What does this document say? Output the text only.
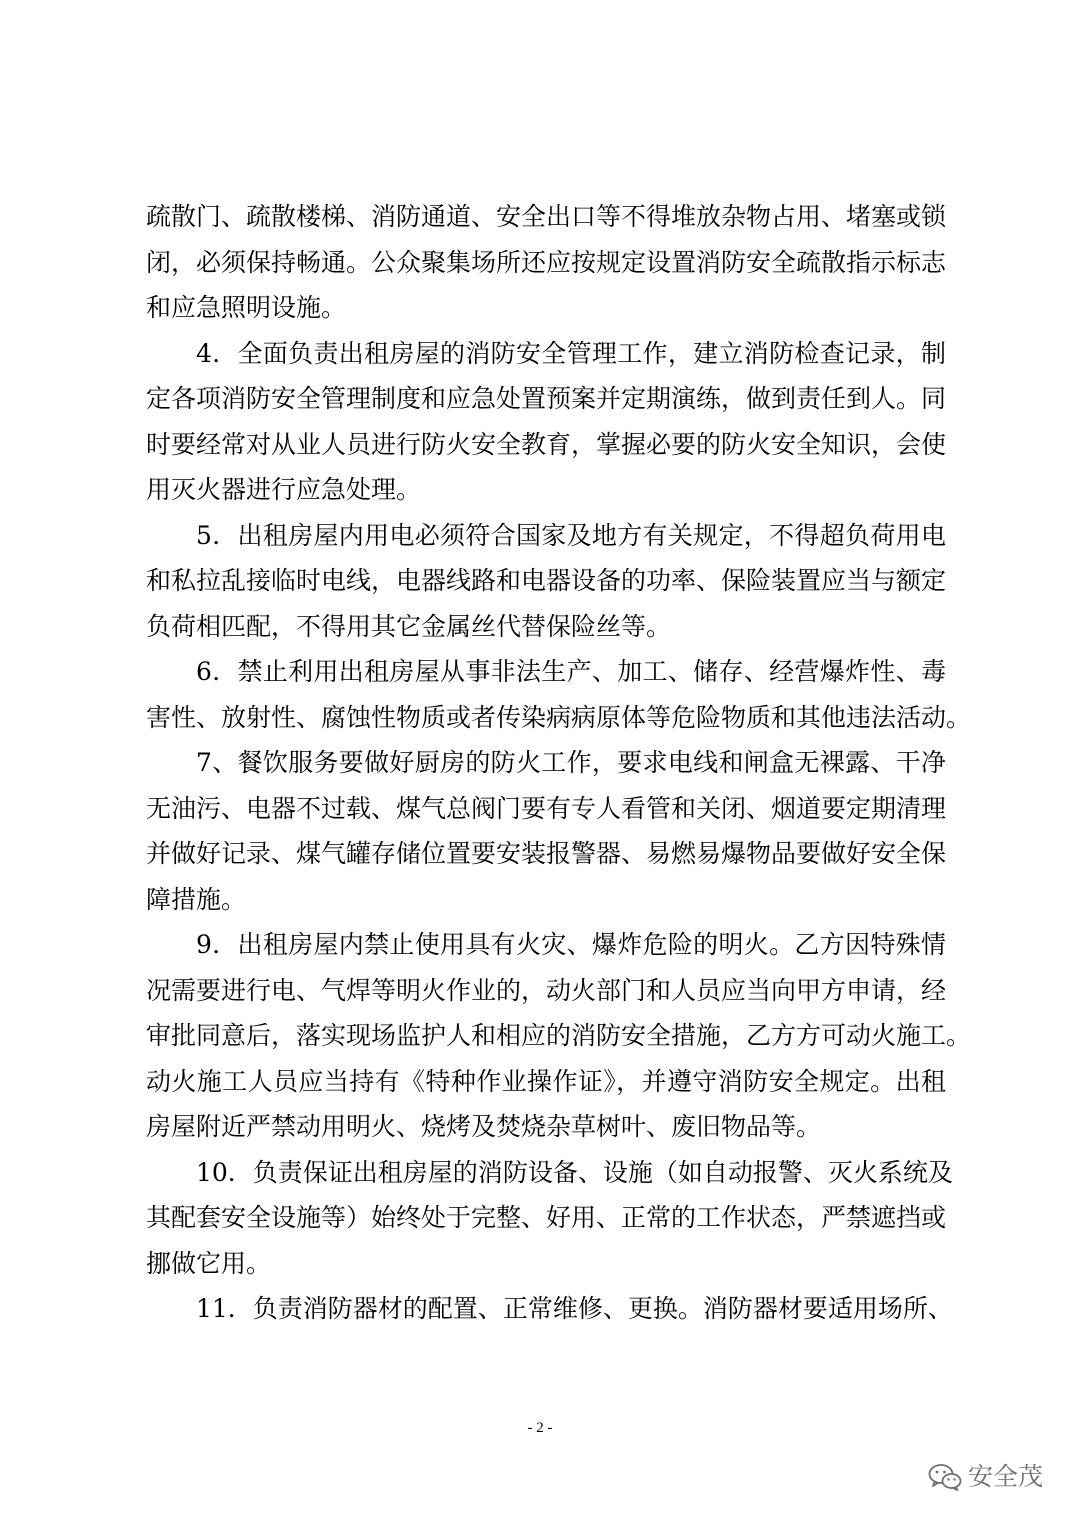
疏散门、疏散楼梯、消防通道、安全出口等不得堆放杂物占用、堵塞或锁
闭，必须保持畅通。公众聚集场所还应按规定设置消防安全疏散指示标志
和应急照明设施。
4．全面负责出租房屋的消防安全管理工作，建立消防检查记录，制
定各项消防安全管理制度和应急处置预案并定期演练，做到责任到人。同
时要经常对从业人员进行防火安全教育，掌握必要的防火安全知识，会使
用灭火器进行应急处理。
5．出租房屋内用电必须符合国家及地方有关规定，不得超负荷用电
和私拉乱接临时电线，电器线路和电器设备的功率、保险装置应当与额定
负荷相匹配，不得用其它金属丝代替保险丝等。
6．禁止利用出租房屋从事非法生产、加工、储存、经营爆炸性、毒
害性、放射性、腐蚀性物质或者传染病病原体等危险物质和其他违法活动。
7、餐饮服务要做好厨房的防火工作，要求电线和闸盒无裸露、干净
无油污、电器不过载、煤气总阀门要有专人看管和关闭、烟道要定期清理
并做好记录、煤气罐存储位置要安装报警器、易燃易爆物品要做好安全保
障措施。
9．出租房屋内禁止使用具有火灾、爆炸危险的明火。乙方因特殊情
况需要进行电、气焊等明火作业的，动火部门和人员应当向甲方申请，经
审批同意后，落实现场监护人和相应的消防安全措施，乙方方可动火施工。
动火施工人员应当持有《特种作业操作证》，并遵守消防安全规定。出租
房屋附近严禁动用明火、烧烤及焚烧杂草树叶、废旧物品等。
10．负责保证出租房屋的消防设备、设施（如自动报警、灭火系统及
其配套安全设施等）始终处于完整、好用、正常的工作状态，严禁遮挡或
挪做它用。
11．负责消防器材的配置、正常维修、更换。消防器材要适用场所、
- 2 -
安全茂
